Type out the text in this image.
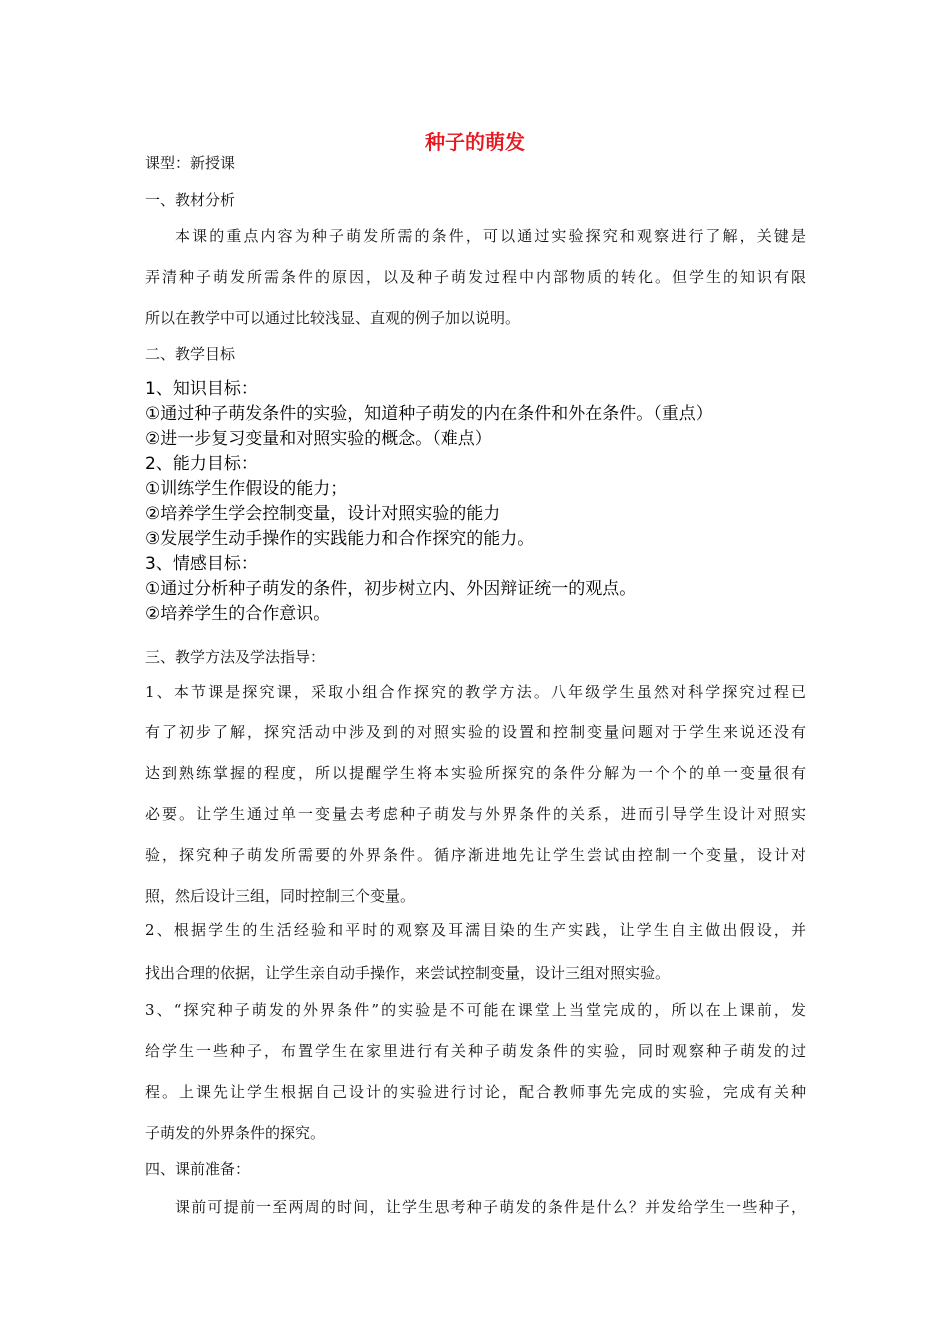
种子的萌发
课型：新授课
一、教材分析
本课的重点内容为种子萌发所需的条件，可以通过实验探究和观察进行了解，关键是
弄清种子萌发所需条件的原因，以及种子萌发过程中内部物质的转化。但学生的知识有限
所以在教学中可以通过比较浅显、直观的例子加以说明。
二、教学目标
1、知识目标：
①通过种子萌发条件的实验，知道种子萌发的内在条件和外在条件。（重点）
②进一步复习变量和对照实验的概念。（难点）
2、能力目标：
①训练学生作假设的能力；
②培养学生学会控制变量，设计对照实验的能力
③发展学生动手操作的实践能力和合作探究的能力。
3、情感目标：
①通过分析种子萌发的条件，初步树立内、外因辩证统一的观点。
②培养学生的合作意识。
三、教学方法及学法指导：
1、本节课是探究课，采取小组合作探究的教学方法。八年级学生虽然对科学探究过程已
有了初步了解，探究活动中涉及到的对照实验的设置和控制变量问题对于学生来说还没有
达到熟练掌握的程度，所以提醒学生将本实验所探究的条件分解为一个个的单一变量很有
必要。让学生通过单一变量去考虑种子萌发与外界条件的关系，进而引导学生设计对照实
验，探究种子萌发所需要的外界条件。循序渐进地先让学生尝试由控制一个变量，设计对
照，然后设计三组，同时控制三个变量。
2、根据学生的生活经验和平时的观察及耳濡目染的生产实践，让学生自主做出假设，并
找出合理的依据，让学生亲自动手操作，来尝试控制变量，设计三组对照实验。
3、“探究种子萌发的外界条件”的实验是不可能在课堂上当堂完成的，所以在上课前，发
给学生一些种子，布置学生在家里进行有关种子萌发条件的实验，同时观察种子萌发的过
程。上课先让学生根据自己设计的实验进行讨论，配合教师事先完成的实验，完成有关种
子萌发的外界条件的探究。
四、课前准备：
课前可提前一至两周的时间，让学生思考种子萌发的条件是什么？并发给学生一些种子，
